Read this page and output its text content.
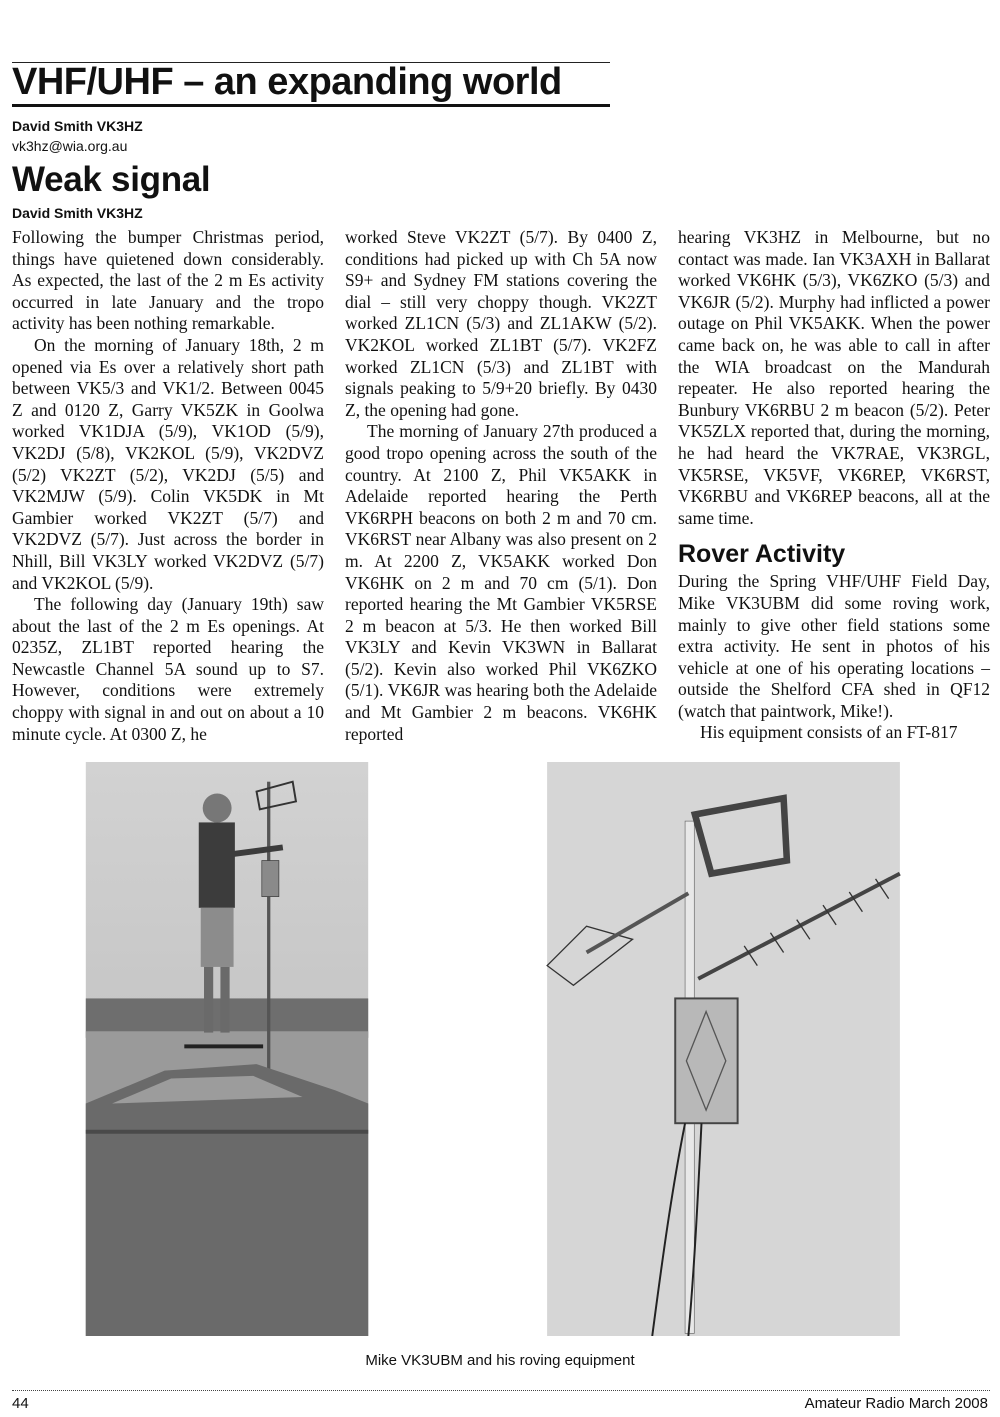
VHF/UHF – an expanding world
David Smith VK3HZ
vk3hz@wia.org.au
Weak signal
David Smith VK3HZ

Following the bumper Christmas period, things have quietened down considerably. As expected, the last of the 2 m Es activity occurred in late January and the tropo activity has been nothing remarkable.

On the morning of January 18th, 2 m opened via Es over a relatively short path between VK5/3 and VK1/2. Between 0045 Z and 0120 Z, Garry VK5ZK in Goolwa worked VK1DJA (5/9), VK1OD (5/9), VK2DJ (5/8), VK2KOL (5/9), VK2DVZ (5/2) VK2ZT (5/2), VK2DJ (5/5) and VK2MJW (5/9). Colin VK5DK in Mt Gambier worked VK2ZT (5/7) and VK2DVZ (5/7). Just across the border in Nhill, Bill VK3LY worked VK2DVZ (5/7) and VK2KOL (5/9).

The following day (January 19th) saw about the last of the 2 m Es openings. At 0235Z, ZL1BT reported hearing the Newcastle Channel 5A sound up to S7. However, conditions were extremely choppy with signal in and out on about a 10 minute cycle. At 0300 Z, he

worked Steve VK2ZT (5/7). By 0400 Z, conditions had picked up with Ch 5A now S9+ and Sydney FM stations covering the dial – still very choppy though. VK2ZT worked ZL1CN (5/3) and ZL1AKW (5/2). VK2KOL worked ZL1BT (5/7). VK2FZ worked ZL1CN (5/3) and ZL1BT with signals peaking to 5/9+20 briefly. By 0430 Z, the opening had gone.

The morning of January 27th produced a good tropo opening across the south of the country. At 2100 Z, Phil VK5AKK in Adelaide reported hearing the Perth VK6RPH beacons on both 2 m and 70 cm. VK6RST near Albany was also present on 2 m. At 2200 Z, VK5AKK worked Don VK6HK on 2 m and 70 cm (5/1). Don reported hearing the Mt Gambier VK5RSE 2 m beacon at 5/3. He then worked Bill VK3LY and Kevin VK3WN in Ballarat (5/2). Kevin also worked Phil VK6ZKO (5/1). VK6JR was hearing both the Adelaide and Mt Gambier 2 m beacons. VK6HK reported

hearing VK3HZ in Melbourne, but no contact was made. Ian VK3AXH in Ballarat worked VK6HK (5/3), VK6ZKO (5/3) and VK6JR (5/2). Murphy had inflicted a power outage on Phil VK5AKK. When the power came back on, he was able to call in after the WIA broadcast on the Mandurah repeater. He also reported hearing the Bunbury VK6RBU 2 m beacon (5/2). Peter VK5ZLX reported that, during the morning, he had heard the VK7RAE, VK3RGL, VK5RSE, VK5VF, VK6REP, VK6RST, VK6RBU and VK6REP beacons, all at the same time.

Rover Activity

During the Spring VHF/UHF Field Day, Mike VK3UBM did some roving work, mainly to give other field stations some extra activity. He sent in photos of his vehicle at one of his operating locations – outside the Shelford CFA shed in QF12 (watch that paintwork, Mike!).

His equipment consists of an FT-817

Mike VK3UBM and his roving equipment
44	Amateur Radio March 2008
